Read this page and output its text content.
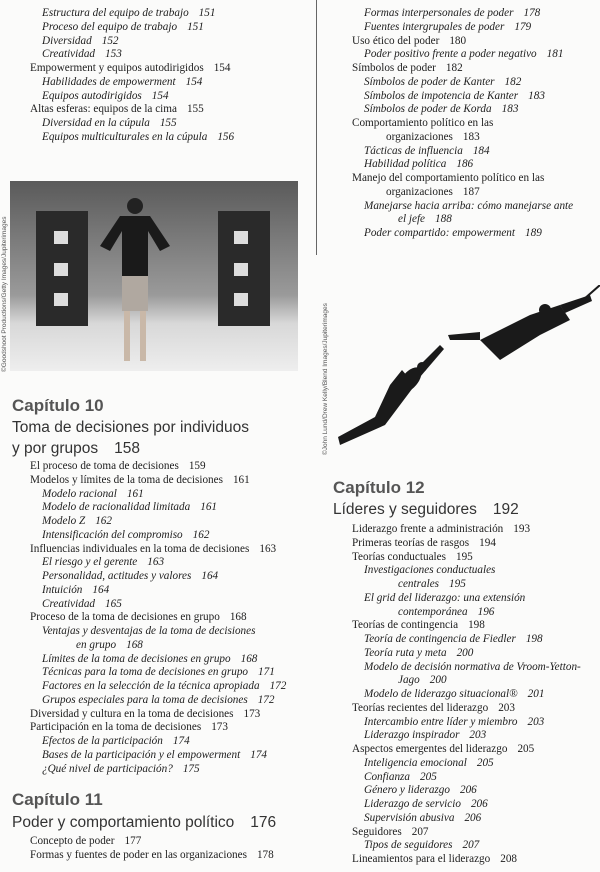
Estructura del equipo de trabajo 151
Proceso del equipo de trabajo 151
Diversidad 152
Creatividad 153
Empowerment y equipos autodirigidos 154
Habilidades de empowerment 154
Equipos autodirigidos 154
Altas esferas: equipos de la cima 155
Diversidad en la cúpula 155
Equipos multiculturales en la cúpula 156
©Goodshoot Productions/Getty Images/Jupiterimages
Capítulo 10
Toma de decisiones por individuos
y por grupos 158
El proceso de toma de decisiones 159
Modelos y límites de la toma de decisiones 161
Modelo racional 161
Modelo de racionalidad limitada 161
Modelo Z 162
Intensificación del compromiso 162
Influencias individuales en la toma de decisiones 163
El riesgo y el gerente 163
Personalidad, actitudes y valores 164
Intuición 164
Creatividad 165
Proceso de la toma de decisiones en grupo 168
Ventajas y desventajas de la toma de decisiones
en grupo 168
Límites de la toma de decisiones en grupo 168
Técnicas para la toma de decisiones en grupo 171
Factores en la selección de la técnica apropiada 172
Grupos especiales para la toma de decisiones 172
Diversidad y cultura en la toma de decisiones 173
Participación en la toma de decisiones 173
Efectos de la participación 174
Bases de la participación y el empowerment 174
¿Qué nivel de participación? 175
Capítulo 11
Poder y comportamiento político 176
Concepto de poder 177
Formas y fuentes de poder en las organizaciones 178
Formas interpersonales de poder 178
Fuentes intergrupales de poder 179
Uso ético del poder 180
Poder positivo frente a poder negativo 181
Símbolos de poder 182
Símbolos de poder de Kanter 182
Símbolos de impotencia de Kanter 183
Símbolos de poder de Korda 183
Comportamiento político en las
organizaciones 183
Tácticas de influencia 184
Habilidad política 186
Manejo del comportamiento político en las
organizaciones 187
Manejarse hacia arriba: cómo manejarse ante
el jefe 188
Poder compartido: empowerment 189
©John Lund/Drew Kelly/Blend Images/Jupiterimages
Capítulo 12
Líderes y seguidores 192
Liderazgo frente a administración 193
Primeras teorías de rasgos 194
Teorías conductuales 195
Investigaciones conductuales
centrales 195
El grid del liderazgo: una extensión
contemporánea 196
Teorías de contingencia 198
Teoría de contingencia de Fiedler 198
Teoría ruta y meta 200
Modelo de decisión normativa de Vroom-Yetton-
Jago 200
Modelo de liderazgo situacional® 201
Teorías recientes del liderazgo 203
Intercambio entre líder y miembro 203
Liderazgo inspirador 203
Aspectos emergentes del liderazgo 205
Inteligencia emocional 205
Confianza 205
Género y liderazgo 206
Liderazgo de servicio 206
Supervisión abusiva 206
Seguidores 207
Tipos de seguidores 207
Lineamientos para el liderazgo 208
